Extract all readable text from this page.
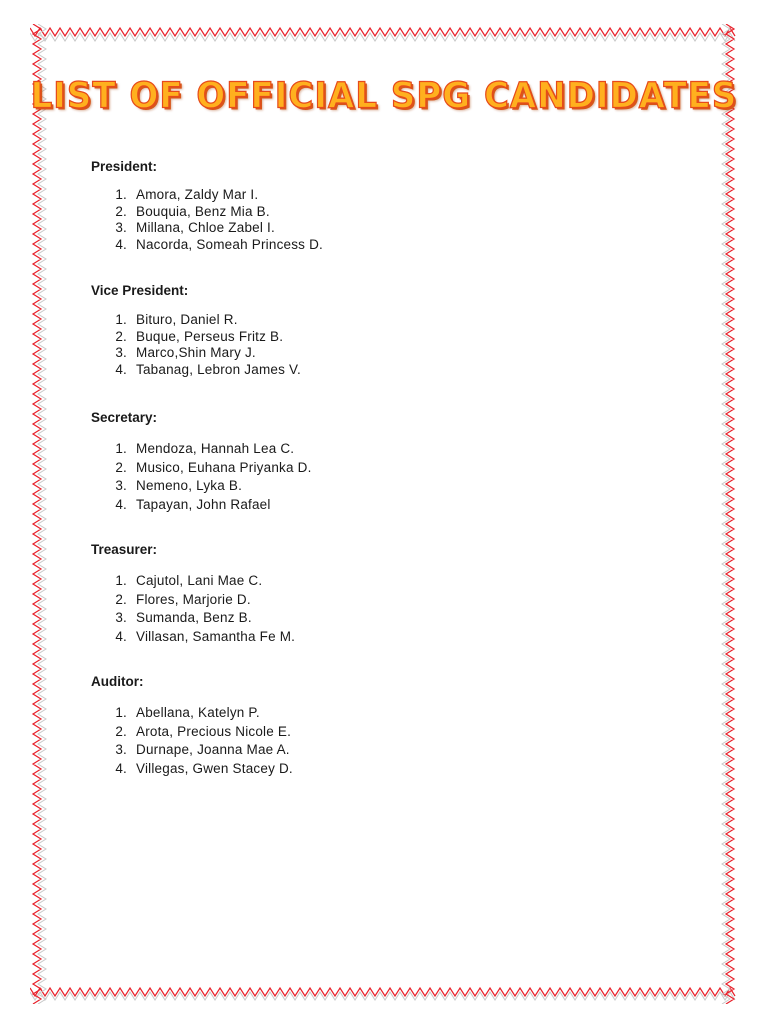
LIST OF OFFICIAL SPG CANDIDATES

President:

1. Amora, Zaldy Mar I.
2. Bouquia, Benz Mia B.
3. Millana, Chloe Zabel I.
4. Nacorda, Someah Princess D.

Vice President:

1. Bituro, Daniel R.
2. Buque, Perseus Fritz B.
3. Marco,Shin Mary J.
4. Tabanag, Lebron James V.

Secretary:

1. Mendoza, Hannah Lea C.
2. Musico, Euhana Priyanka D.
3. Nemeno, Lyka B.
4. Tapayan, John Rafael

Treasurer:

1. Cajutol, Lani Mae C.
2. Flores, Marjorie D.
3. Sumanda, Benz B.
4. Villasan, Samantha Fe M.

Auditor:

1. Abellana, Katelyn P.
2. Arota, Precious Nicole E.
3. Durnape, Joanna Mae A.
4. Villegas, Gwen Stacey D.
